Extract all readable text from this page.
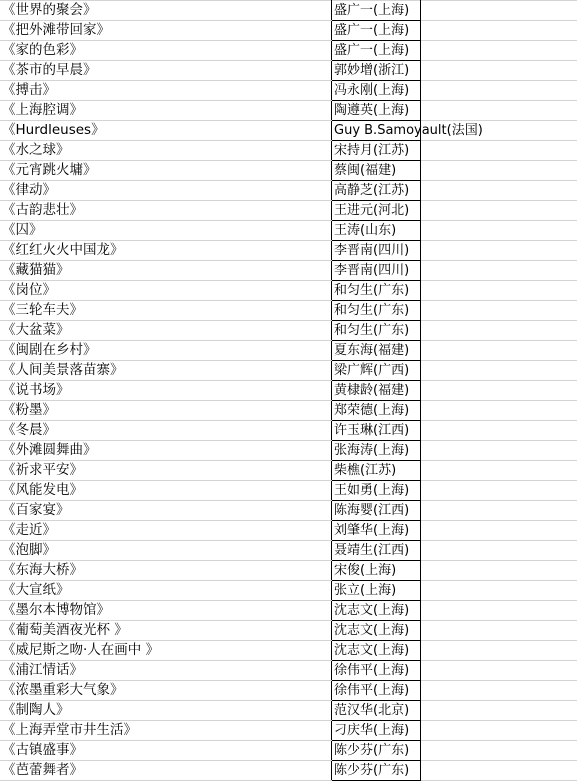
《世界的聚会》	盛广一(上海)	
《把外滩带回家》	盛广一(上海)	
《家的色彩》	盛广一(上海)	
《茶市的早晨》	郭妙增(浙江)	
《搏击》	冯永刚(上海)	
《上海腔调》	陶遵英(上海)	
《Hurdleuses》	Guy B.Samoyault(法国)	
《水之球》	宋持月(江苏)	
《元宵跳火墉》	蔡闽(福建)	
《律动》	高静芝(江苏)	
《古韵悲壮》	王进元(河北)	
《囚》	王涛(山东)	
《红红火火中国龙》	李晋南(四川)	
《藏猫猫》	李晋南(四川)	
《岗位》	和匀生(广东)	
《三轮车夫》	和匀生(广东)	
《大盆菜》	和匀生(广东)	
《闽剧在乡村》	夏东海(福建)	
《人间美景落苗寨》	梁广辉(广西)	
《说书场》	黄棣龄(福建)	
《粉墨》	郑荣德(上海)	
《冬晨》	许玉琳(江西)	
《外滩圆舞曲》	张海涛(上海)	
《祈求平安》	柴樵(江苏)	
《风能发电》	王如勇(上海)	
《百家宴》	陈海婴(江西)	
《走近》	刘肇华(上海)	
《泡脚》	聂靖生(江西)	
《东海大桥》	宋俊(上海)	
《大宣纸》	张立(上海)	
《墨尔本博物馆》	沈志文(上海)	
《葡萄美酒夜光杯 》	沈志文(上海)	
《威尼斯之吻·人在画中 》	沈志文(上海)	
《浦江情话》	徐伟平(上海)	
《浓墨重彩大气象》	徐伟平(上海)	
《制陶人》	范汉华(北京)	
《上海弄堂市井生活》	刁庆华(上海)	
《古镇盛事》	陈少芬(广东)	
《芭蕾舞者》	陈少芬(广东)	
